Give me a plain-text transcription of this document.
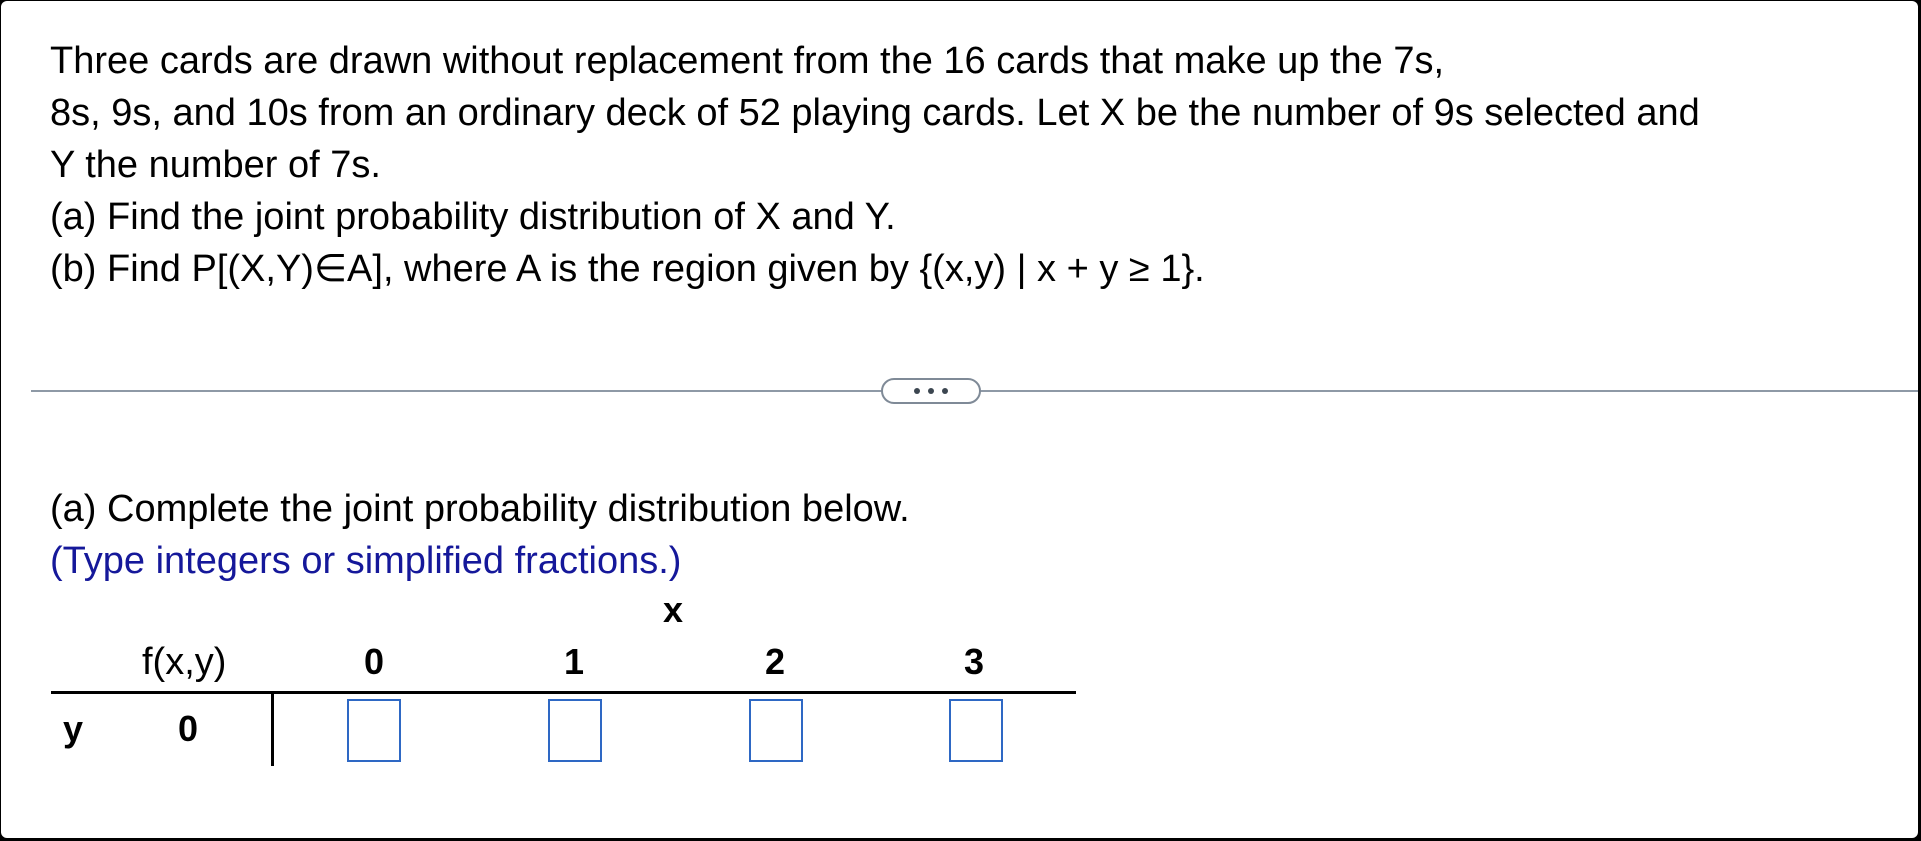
Three cards are drawn without replacement from the 16 cards that make up the 7s,

8s, 9s, and 10s from an ordinary deck of 52 playing cards. Let X be the number of 9s selected and

Y the number of 7s.

(a) Find the joint probability distribution of X and Y.

(b) Find P[(X,Y)∈A], where A is the region given by {(x,y) | x + y ≥ 1}.

(a) Complete the joint probability distribution below.

(Type integers or simplified fractions.)

x
f(x,y)	0	1	2	3
y	0
